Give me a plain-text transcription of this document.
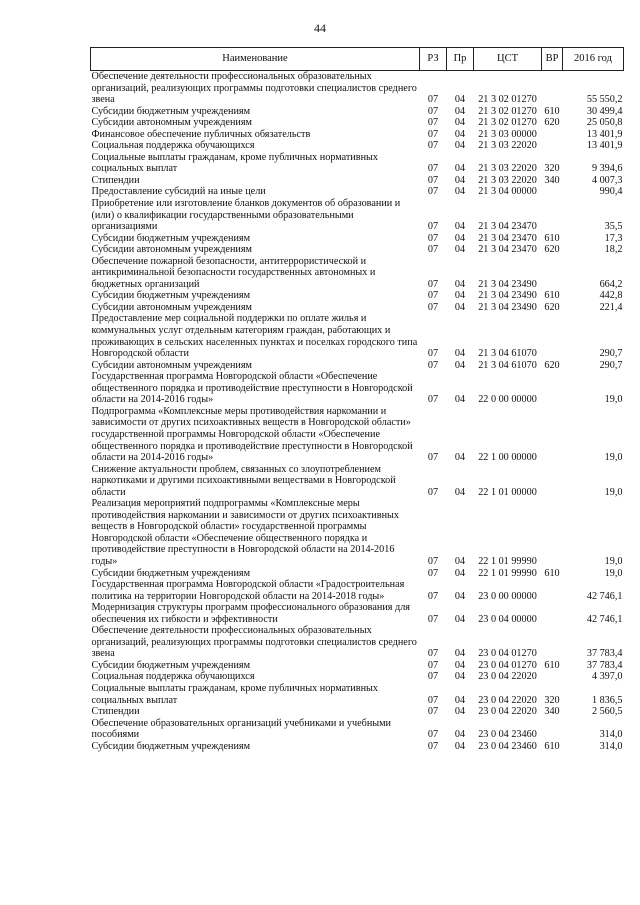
44
Наименование	РЗ	Пр	ЦСТ	ВР	2016 год
Обеспечение деятельности профессиональных образовательных организаций, реализующих программы подготовки специалистов среднего звена	07	04	21 3 02 01270		55 550,2
Субсидии бюджетным учреждениям	07	04	21 3 02 01270	610	30 499,4
Субсидии автономным учреждениям	07	04	21 3 02 01270	620	25 050,8
Финансовое обеспечение публичных обязательств	07	04	21 3 03 00000		13 401,9
Социальная поддержка обучающихся	07	04	21 3 03 22020		13 401,9
Социальные выплаты гражданам, кроме публичных нормативных социальных выплат	07	04	21 3 03 22020	320	9 394,6
Стипендии	07	04	21 3 03 22020	340	4 007,3
Предоставление субсидий на иные цели	07	04	21 3 04 00000		990,4
Приобретение или изготовление бланков документов об образовании и (или) о квалификации государственными образовательными организациями	07	04	21 3 04 23470		35,5
Субсидии бюджетным учреждениям	07	04	21 3 04 23470	610	17,3
Субсидии автономным учреждениям	07	04	21 3 04 23470	620	18,2
Обеспечение пожарной безопасности, антитеррористической и антикриминальной безопасности государственных автономных и бюджетных организаций	07	04	21 3 04 23490		664,2
Субсидии бюджетным учреждениям	07	04	21 3 04 23490	610	442,8
Субсидии автономным учреждениям	07	04	21 3 04 23490	620	221,4
Предоставление мер социальной поддержки по оплате жилья и коммунальных услуг отдельным категориям граждан, работающих и проживающих в сельских населенных пунктах и поселках городского типа Новгородской области	07	04	21 3 04 61070		290,7
Субсидии автономным учреждениям	07	04	21 3 04 61070	620	290,7
Государственная программа Новгородской области «Обеспечение общественного порядка и противодействие преступности в Новгородской области на 2014-2016 годы»	07	04	22 0 00 00000		19,0
Подпрограмма «Комплексные меры противодействия наркомании и зависимости от других психоактивных веществ в Новгородской области» государственной программы Новгородской области «Обеспечение общественного порядка и противодействие преступности в Новгородской области на 2014-2016 годы»	07	04	22 1 00 00000		19,0
Снижение актуальности проблем, связанных со злоупотреблением наркотиками и другими психоактивными веществами в Новгородской области	07	04	22 1 01 00000		19,0
Реализация мероприятий подпрограммы «Комплексные меры противодействия наркомании и зависимости от других психоактивных веществ в Новгородской области» государственной программы Новгородской области «Обеспечение общественного порядка и противодействие преступности в Новгородской области на 2014-2016 годы»	07	04	22 1 01 99990		19,0
Субсидии бюджетным учреждениям	07	04	22 1 01 99990	610	19,0
Государственная программа Новгородской области «Градостроительная политика на территории Новгородской области на 2014-2018 годы»	07	04	23 0 00 00000		42 746,1
Модернизация структуры программ профессионального образования для обеспечения их гибкости и эффективности	07	04	23 0 04 00000		42 746,1
Обеспечение деятельности профессиональных образовательных организаций, реализующих программы подготовки специалистов среднего звена	07	04	23 0 04 01270		37 783,4
Субсидии бюджетным учреждениям	07	04	23 0 04 01270	610	37 783,4
Социальная поддержка обучающихся	07	04	23 0 04 22020		4 397,0
Социальные выплаты гражданам, кроме публичных нормативных социальных выплат	07	04	23 0 04 22020	320	1 836,5
Стипендии	07	04	23 0 04 22020	340	2 560,5
Обеспечение образовательных организаций учебниками и учебными пособиями	07	04	23 0 04 23460		314,0
Субсидии бюджетным учреждениям	07	04	23 0 04 23460	610	314,0
